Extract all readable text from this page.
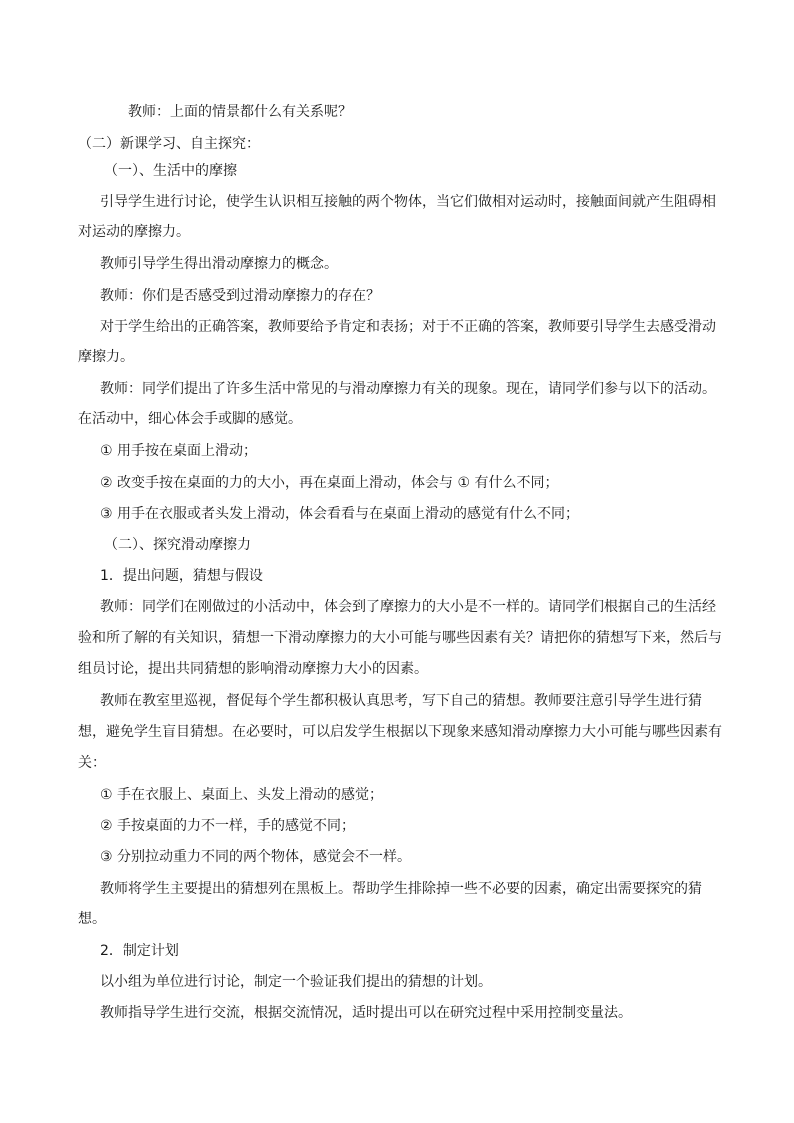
教师：上面的情景都什么有关系呢？
（二）新课学习、自主探究：
（一）、生活中的摩擦
引导学生进行讨论，使学生认识相互接触的两个物体，当它们做相对运动时，接触面间就产生阻碍相
对运动的摩擦力。
教师引导学生得出滑动摩擦力的概念。
教师：你们是否感受到过滑动摩擦力的存在？
对于学生给出的正确答案，教师要给予肯定和表扬；对于不正确的答案，教师要引导学生去感受滑动
摩擦力。
教师：同学们提出了许多生活中常见的与滑动摩擦力有关的现象。现在，请同学们参与以下的活动。
在活动中，细心体会手或脚的感觉。
① 用手按在桌面上滑动；
② 改变手按在桌面的力的大小，再在桌面上滑动，体会与 ① 有什么不同；
③ 用手在衣服或者头发上滑动，体会看看与在桌面上滑动的感觉有什么不同；
（二）、探究滑动摩擦力
1．提出问题，猜想与假设
教师：同学们在刚做过的小活动中，体会到了摩擦力的大小是不一样的。请同学们根据自己的生活经
验和所了解的有关知识，猜想一下滑动摩擦力的大小可能与哪些因素有关？请把你的猜想写下来，然后与
组员讨论，提出共同猜想的影响滑动摩擦力大小的因素。
教师在教室里巡视，督促每个学生都积极认真思考，写下自己的猜想。教师要注意引导学生进行猜
想，避免学生盲目猜想。在必要时，可以启发学生根据以下现象来感知滑动摩擦力大小可能与哪些因素有
关：
① 手在衣服上、桌面上、头发上滑动的感觉；
② 手按桌面的力不一样，手的感觉不同；
③ 分别拉动重力不同的两个物体，感觉会不一样。
教师将学生主要提出的猜想列在黑板上。帮助学生排除掉一些不必要的因素，确定出需要探究的猜
想。
2．制定计划
以小组为单位进行讨论，制定一个验证我们提出的猜想的计划。
教师指导学生进行交流，根据交流情况，适时提出可以在研究过程中采用控制变量法。
